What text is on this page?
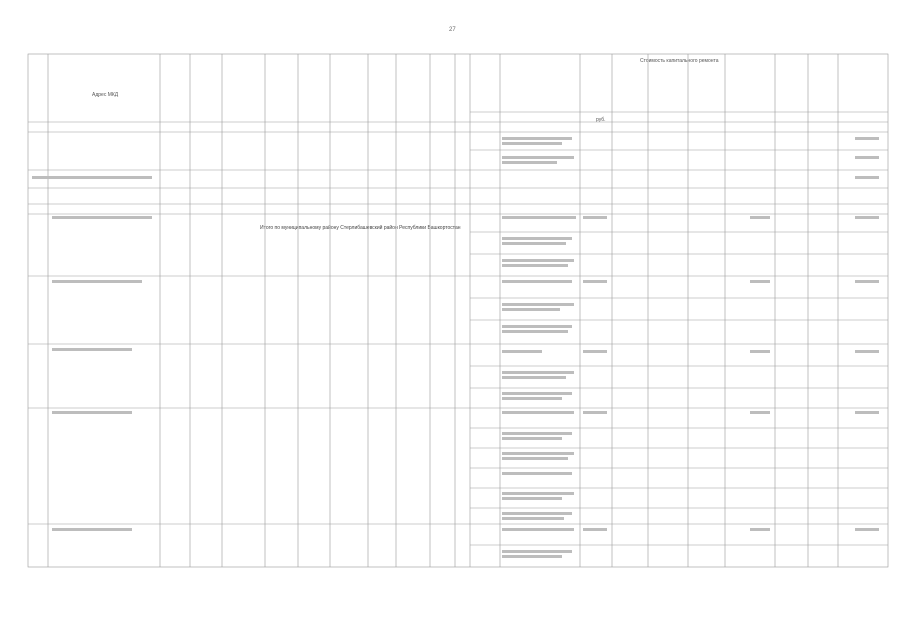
27
Адрес МКД
Стоимость капитального ремонта
руб.
Итого по муниципальному району Стерлибашевский район Республики Башкортостан
